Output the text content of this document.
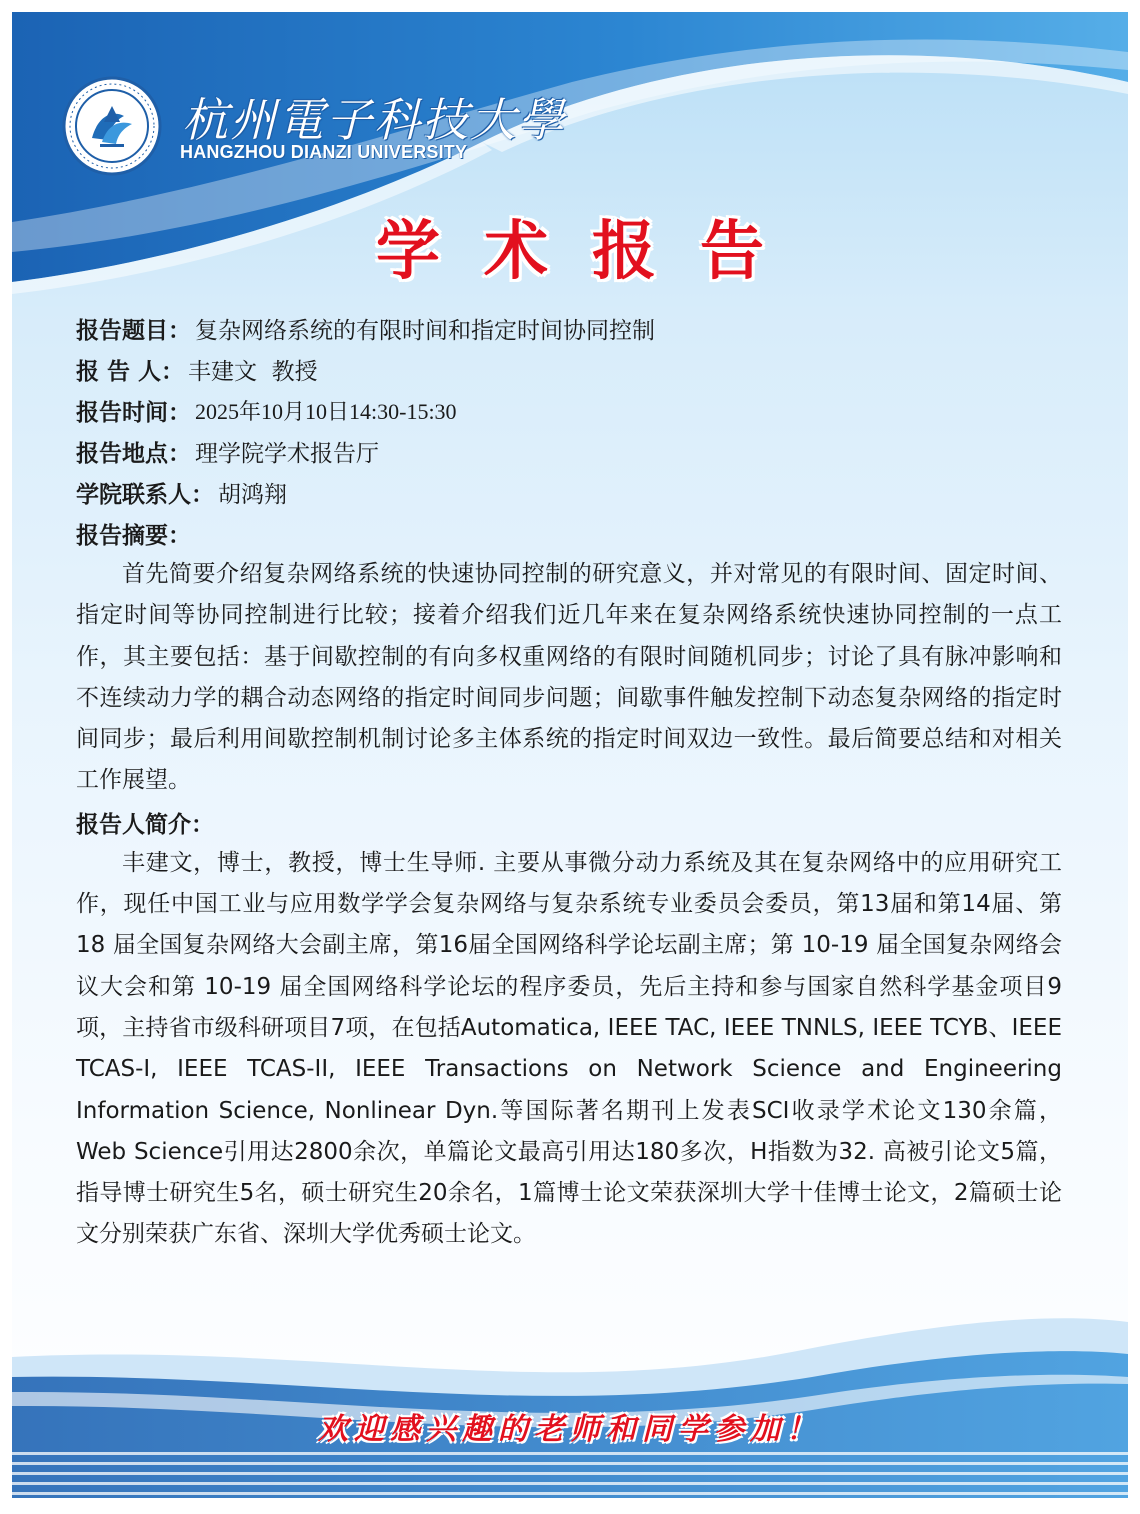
杭州電子科技大學
HANGZHOU DIANZI UNIVERSITY
学术报告
报告题目： 复杂网络系统的有限时间和指定时间协同控制
报 告 人： 丰建文  教授
报告时间： 2025年10月10日14:30-15:30
报告地点： 理学院学术报告厅
学院联系人： 胡鸿翔
报告摘要：

首先简要介绍复杂网络系统的快速协同控制的研究意义，并对常见的有限时间、固定时间、指定时间等协同控制进行比较；接着介绍我们近几年来在复杂网络系统快速协同控制的一点工作，其主要包括：基于间歇控制的有向多权重网络的有限时间随机同步；讨论了具有脉冲影响和不连续动力学的耦合动态网络的指定时间同步问题；间歇事件触发控制下动态复杂网络的指定时间同步；最后利用间歇控制机制讨论多主体系统的指定时间双边一致性。最后简要总结和对相关工作展望。

报告人简介：

丰建文，博士，教授，博士生导师. 主要从事微分动力系统及其在复杂网络中的应用研究工作，现任中国工业与应用数学学会复杂网络与复杂系统专业委员会委员，第13届和第14届、第 18 届全国复杂网络大会副主席，第16届全国网络科学论坛副主席；第 10-19 届全国复杂网络会议大会和第 10-19 届全国网络科学论坛的程序委员，先后主持和参与国家自然科学基金项目9项，主持省市级科研项目7项，在包括Automatica, IEEE TAC, IEEE TNNLS, IEEE TCYB、IEEE TCAS-I, IEEE TCAS-II, IEEE Transactions on Network Science and Engineering Information Science, Nonlinear Dyn.等国际著名期刊上发表SCI收录学术论文130余篇， Web Science引用达2800余次，单篇论文最高引用达180多次，H指数为32. 高被引论文5篇，指导博士研究生5名，硕士研究生20余名，1篇博士论文荣获深圳大学十佳博士论文，2篇硕士论文分别荣获广东省、深圳大学优秀硕士论文。

欢迎感兴趣的老师和同学参加！
